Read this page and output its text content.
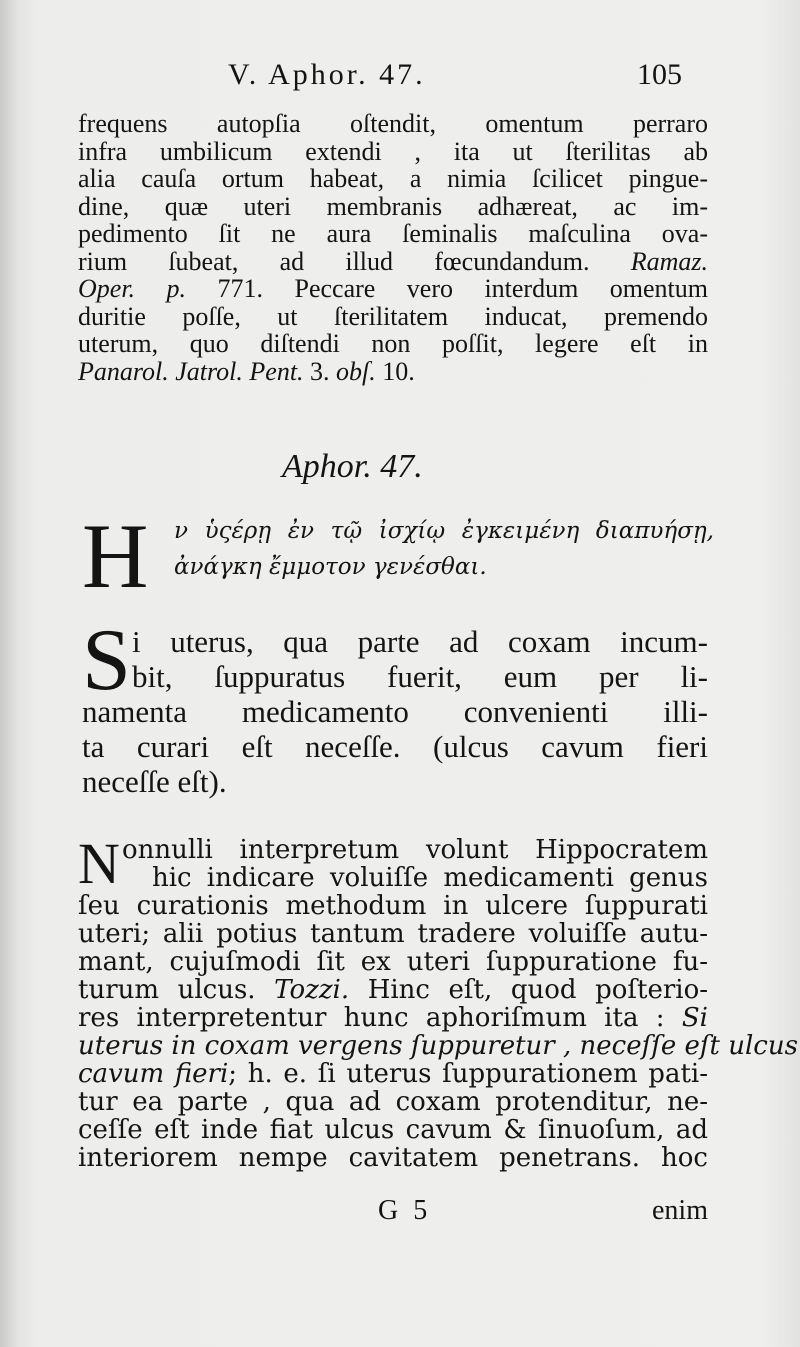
V. Aphor. 47.	105
frequens autopſia oſtendit, omentum perraro
infra umbilicum extendi , ita ut ſterilitas ab
alia cauſa ortum habeat, a nimia ſcilicet pingue-
dine, quæ uteri membranis adhæreat, ac im-
pedimento ſit ne aura ſeminalis maſculina ova-
rium ſubeat, ad illud fœcundandum. Ramaz.
Oper. p. 771. Peccare vero interdum omentum
duritie poſſe, ut ſterilitatem inducat, premendo
uterum, quo diſtendi non poſſit, legere eſt in
Panarol. Jatrol. Pent. 3. obſ. 10.
Aphor. 47.
H ν ὑςέρῃ ἐν τῷ ἰσχίῳ ἐγκειμένη διαπυήσῃ,
ἀνάγκη ἔμμοτον γενέσθαι.
S i uterus, qua parte ad coxam incum-
bit, ſuppuratus fuerit, eum per li-
namenta medicamento convenienti illi-
ta curari eſt neceſſe. (ulcus cavum fieri
neceſſe eſt).
N onnulli interpretum volunt Hippocratem
hic indicare voluiſſe medicamenti genus
ſeu curationis methodum in ulcere ſuppurati
uteri; alii potius tantum tradere voluiſſe autu-
mant, cujuſmodi ſit ex uteri ſuppuratione fu-
turum ulcus. Tozzi. Hinc eſt, quod poſterio-
res interpretentur hunc aphoriſmum ita : Si
uterus in coxam vergens ſuppuretur , neceſſe eſt ulcus
cavum fieri; h. e. ſi uterus ſuppurationem pati-
tur ea parte , qua ad coxam protenditur, ne-
ceſſe eſt inde fiat ulcus cavum & ſinuoſum, ad
interiorem nempe cavitatem penetrans. hoc
G 5	enim
